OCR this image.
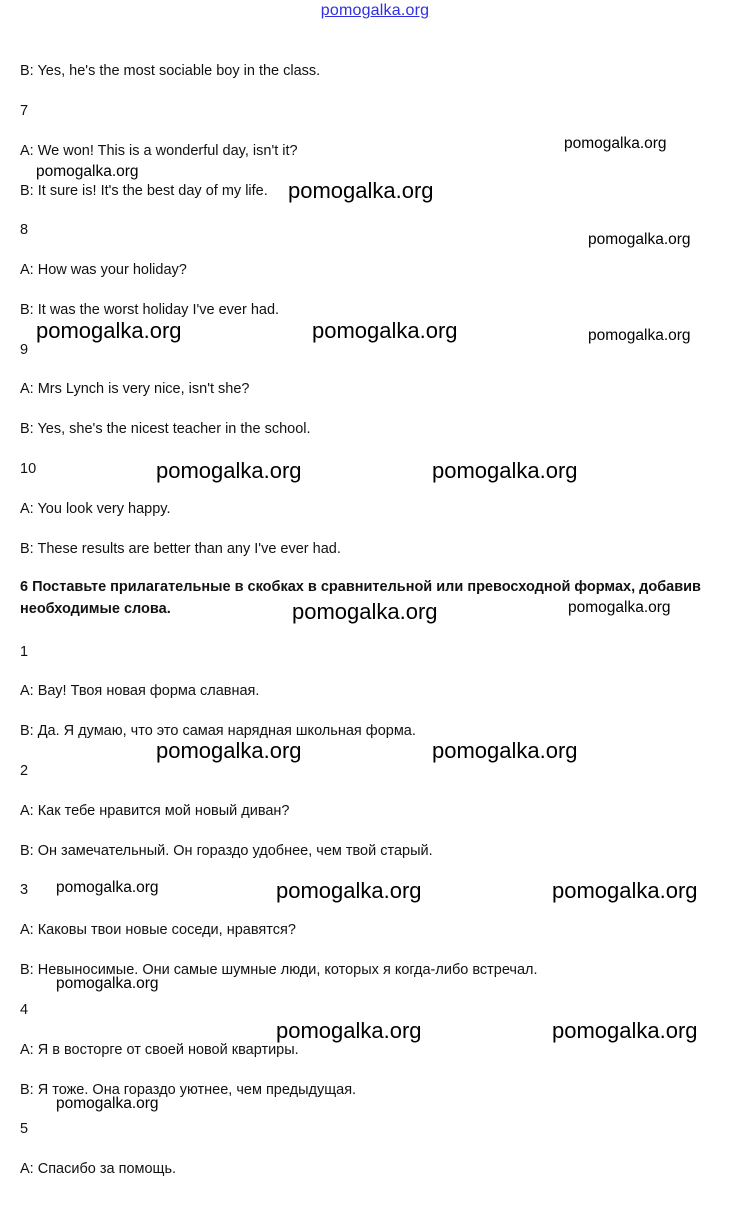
pomogalka.org
B: Yes, he's the most sociable boy in the class.
7
A: We won! This is a wonderful day, isn't it?
B: It sure is! It's the best day of my life.
8
A: How was your holiday?
B: It was the worst holiday I've ever had.
9
A: Mrs Lynch is very nice, isn't she?
B: Yes, she's the nicest teacher in the school.
10
A: You look very happy.
B: These results are better than any I've ever had.
6 Поставьте прилагательные в скобках в сравнительной или превосходной формах, добавив необходимые слова.
1
A: Вау! Твоя новая форма славная.
B: Да. Я думаю, что это самая нарядная школьная форма.
2
A: Как тебе нравится мой новый диван?
B: Он замечательный. Он гораздо удобнее, чем твой старый.
3
A: Каковы твои новые соседи, нравятся?
B: Невыносимые. Они самые шумные люди, которых я когда-либо встречал.
4
A: Я в восторге от своей новой квартиры.
B: Я тоже. Она гораздо уютнее, чем предыдущая.
5
A: Спасибо за помощь.
pomogalka.org
pomogalka.org
pomogalka.org
pomogalka.org
pomogalka.org	pomogalka.org	pomogalka.org
pomogalka.org	pomogalka.org
pomogalka.org	pomogalka.org
pomogalka.org	pomogalka.org
pomogalka.org	pomogalka.org	pomogalka.org
pomogalka.org
pomogalka.org	pomogalka.org
pomogalka.org
